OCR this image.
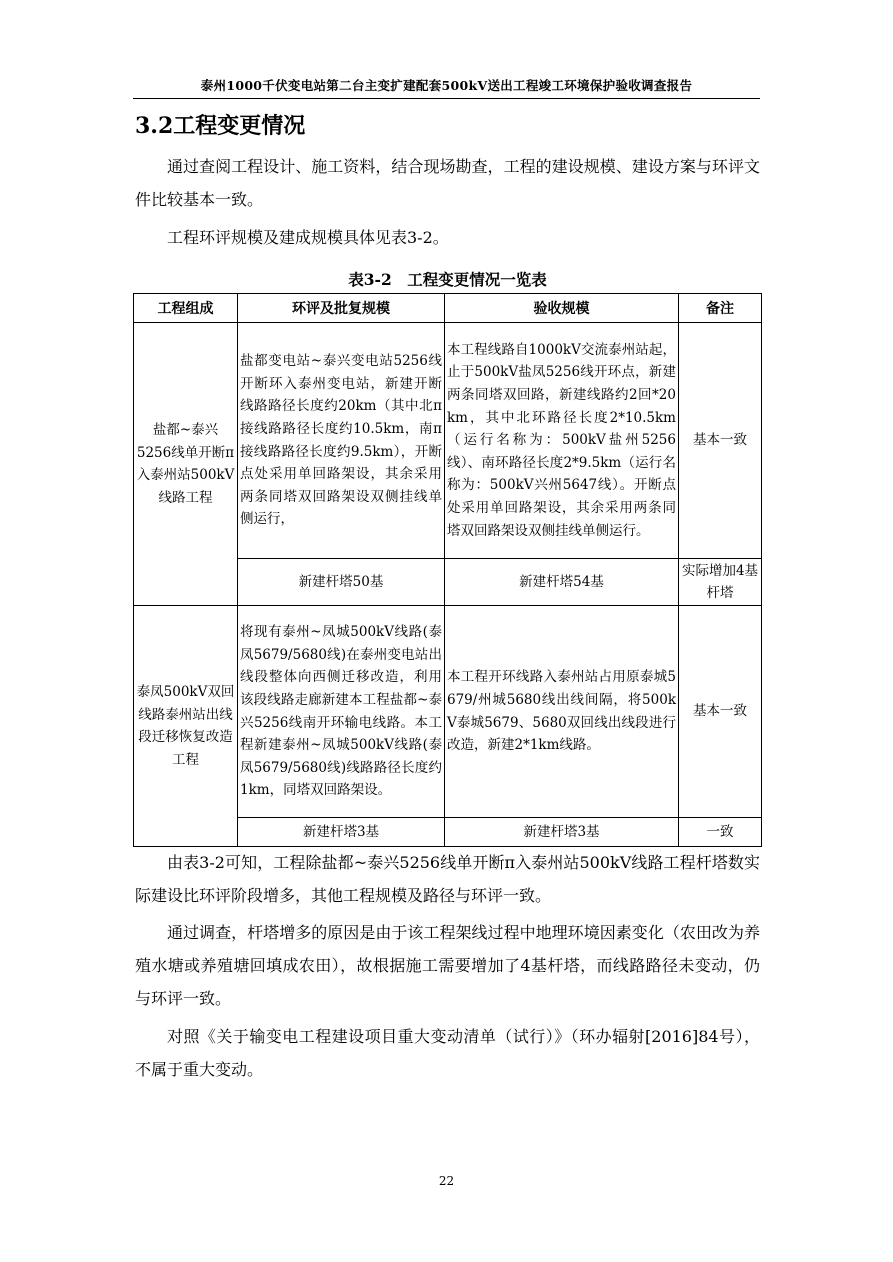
泰州1000千伏变电站第二台主变扩建配套500kV送出工程竣工环境保护验收调查报告
3.2工程变更情况
通过查阅工程设计、施工资料，结合现场勘查，工程的建设规模、建设方案与环评文件比较基本一致。
工程环评规模及建成规模具体见表3-2。
表3-2　工程变更情况一览表
工程组成	环评及批复规模	验收规模	备注
盐都~泰兴5256线单开断π入泰州站500kV线路工程	盐都变电站~泰兴变电站5256线开断环入泰州变电站，新建开断线路路径长度约20km（其中北π接线路路径长度约10.5km，南π接线路路径长度约9.5km），开断点处采用单回路架设，其余采用两条同塔双回路架设双侧挂线单侧运行，	本工程线路自1000kV交流泰州站起，止于500kV盐凤5256线开环点，新建两条同塔双回路，新建线路约2回*20km，其中北环路径长度2*10.5km（运行名称为：500kV盐州5256线）、南环路径长度2*9.5km（运行名称为：500kV兴州5647线）。开断点处采用单回路架设，其余采用两条同塔双回路架设双侧挂线单侧运行。	基本一致
	新建杆塔50基	新建杆塔54基	实际增加4基杆塔
泰凤500kV双回线路泰州站出线段迁移恢复改造工程	将现有泰州~凤城500kV线路(泰凤5679/5680线)在泰州变电站出线段整体向西侧迁移改造，利用该段线路走廊新建本工程盐都~泰兴5256线南开环输电线路。本工程新建泰州~凤城500kV线路(泰凤5679/5680线)线路路径长度约1km，同塔双回路架设。	本工程开环线路入泰州站占用原泰城5679/州城5680线出线间隔，将500kV泰城5679、5680双回线出线段进行改造，新建2*1km线路。	基本一致
	新建杆塔3基	新建杆塔3基	一致
由表3-2可知，工程除盐都~泰兴5256线单开断π入泰州站500kV线路工程杆塔数实际建设比环评阶段增多，其他工程规模及路径与环评一致。
通过调查，杆塔增多的原因是由于该工程架线过程中地理环境因素变化（农田改为养殖水塘或养殖塘回填成农田），故根据施工需要增加了4基杆塔，而线路路径未变动，仍与环评一致。
对照《关于输变电工程建设项目重大变动清单（试行）》（环办辐射[2016]84号），不属于重大变动。
22
